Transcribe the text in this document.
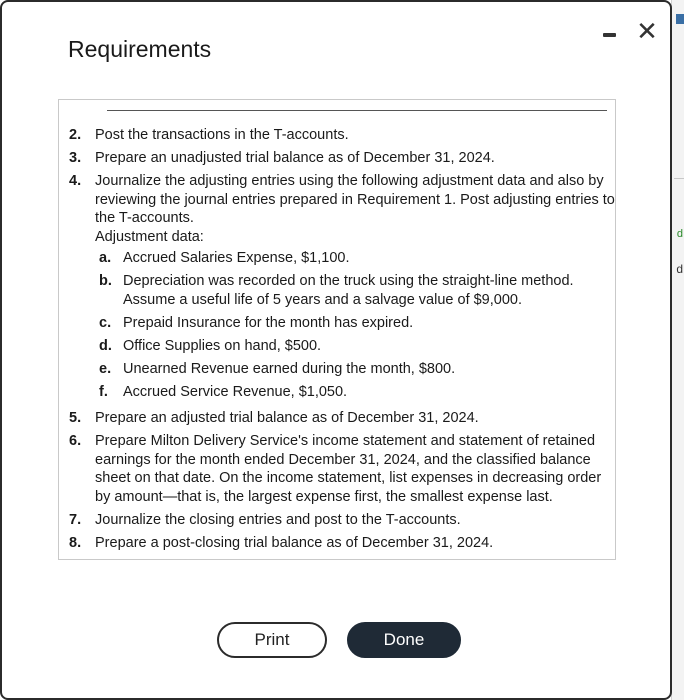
d
d
Requirements
✕
2. Post the transactions in the T-accounts.
3. Prepare an unadjusted trial balance as of December 31, 2024.
4. Journalize the adjusting entries using the following adjustment data and also by reviewing the journal entries prepared in Requirement 1. Post adjusting entries to the T-accounts.
Adjustment data:
a. Accrued Salaries Expense, $1,100.
b. Depreciation was recorded on the truck using the straight-line method. Assume a useful life of 5 years and a salvage value of $9,000.
c. Prepaid Insurance for the month has expired.
d. Office Supplies on hand, $500.
e. Unearned Revenue earned during the month, $800.
f. Accrued Service Revenue, $1,050.
5. Prepare an adjusted trial balance as of December 31, 2024.
6. Prepare Milton Delivery Service's income statement and statement of retained earnings for the month ended December 31, 2024, and the classified balance sheet on that date. On the income statement, list expenses in decreasing order by amount—that is, the largest expense first, the smallest expense last.
7. Journalize the closing entries and post to the T-accounts.
8. Prepare a post-closing trial balance as of December 31, 2024.
Print	Done
